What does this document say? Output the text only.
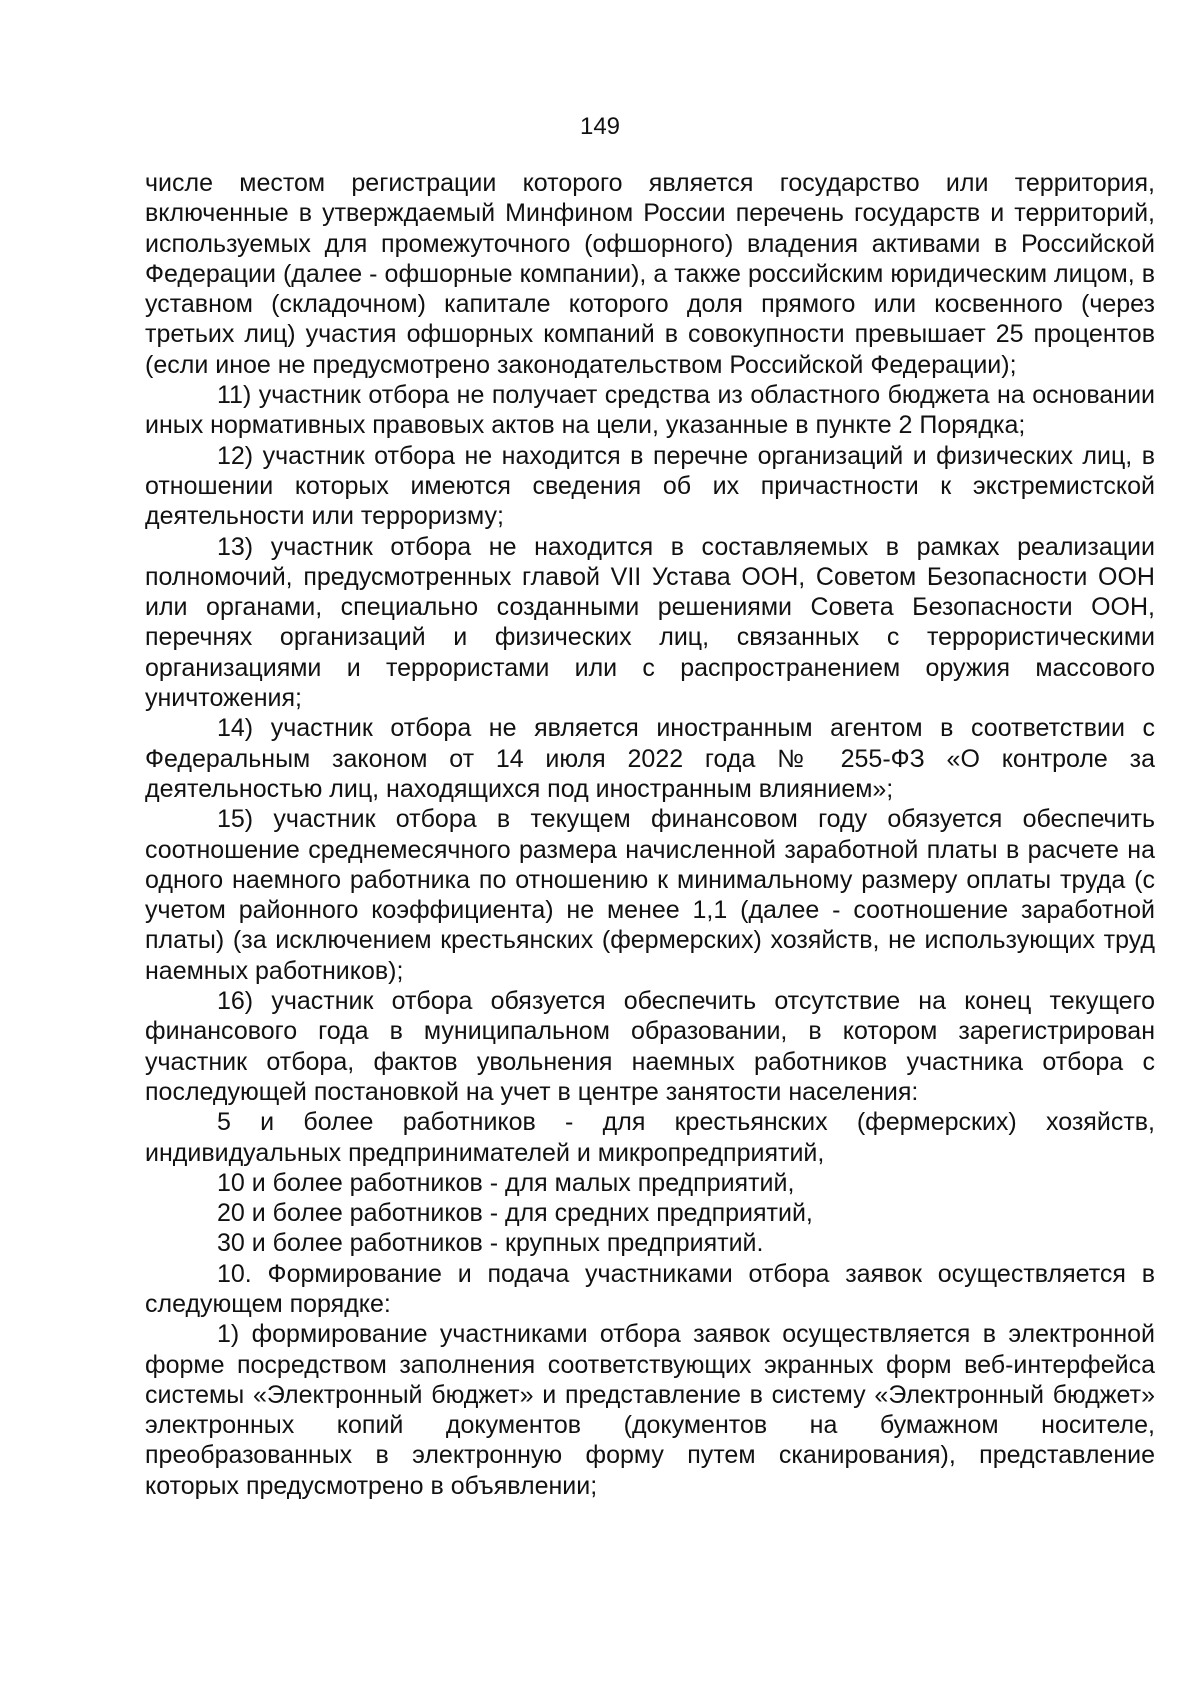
149

числе местом регистрации которого является государство или территория, включенные в утверждаемый Минфином России перечень государств и территорий, используемых для промежуточного (офшорного) владения активами в Российской Федерации (далее - офшорные компании), а также российским юридическим лицом, в уставном (складочном) капитале которого доля прямого или косвенного (через третьих лиц) участия офшорных компаний в совокупности превышает 25 процентов (если иное не предусмотрено законодательством Российской Федерации);

11) участник отбора не получает средства из областного бюджета на основании иных нормативных правовых актов на цели, указанные в пункте 2 Порядка;

12) участник отбора не находится в перечне организаций и физических лиц, в отношении которых имеются сведения об их причастности к экстремистской деятельности или терроризму;

13) участник отбора не находится в составляемых в рамках реализации полномочий, предусмотренных главой VII Устава ООН, Советом Безопасности ООН или органами, специально созданными решениями Совета Безопасности ООН, перечнях организаций и физических лиц, связанных с террористическими организациями и террористами или с распространением оружия массового уничтожения;

14) участник отбора не является иностранным агентом в соответствии с Федеральным законом от 14 июля 2022 года № 255-ФЗ «О контроле за деятельностью лиц, находящихся под иностранным влиянием»;

15) участник отбора в текущем финансовом году обязуется обеспечить соотношение среднемесячного размера начисленной заработной платы в расчете на одного наемного работника по отношению к минимальному размеру оплаты труда (с учетом районного коэффициента) не менее 1,1 (далее - соотношение заработной платы) (за исключением крестьянских (фермерских) хозяйств, не использующих труд наемных работников);

16) участник отбора обязуется обеспечить отсутствие на конец текущего финансового года в муниципальном образовании, в котором зарегистрирован участник отбора, фактов увольнения наемных работников участника отбора с последующей постановкой на учет в центре занятости населения:

5 и более работников - для крестьянских (фермерских) хозяйств, индивидуальных предпринимателей и микропредприятий,

10 и более работников - для малых предприятий,

20 и более работников - для средних предприятий,

30 и более работников - крупных предприятий.

10. Формирование и подача участниками отбора заявок осуществляется в следующем порядке:

1) формирование участниками отбора заявок осуществляется в электронной форме посредством заполнения соответствующих экранных форм веб-интерфейса системы «Электронный бюджет» и представление в систему «Электронный бюджет» электронных копий документов (документов на бумажном носителе, преобразованных в электронную форму путем сканирования), представление которых предусмотрено в объявлении;
